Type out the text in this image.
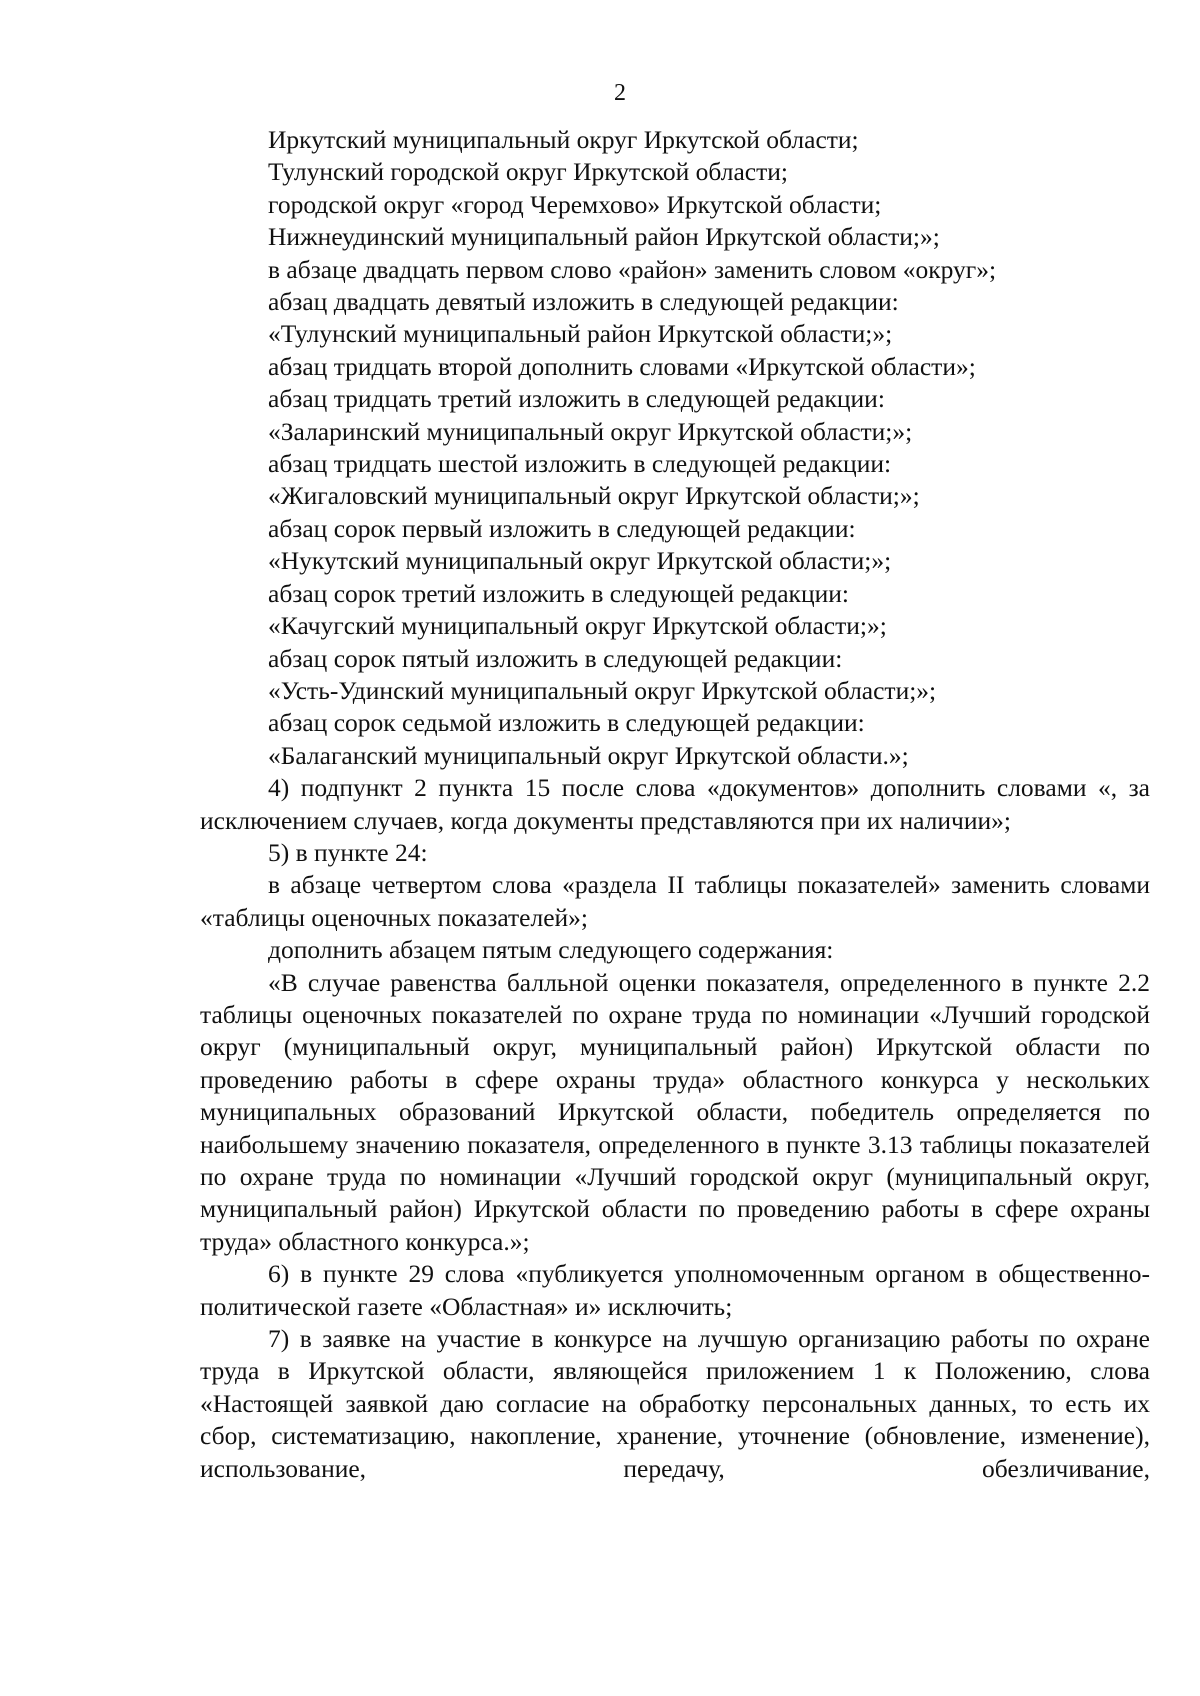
2
Иркутский муниципальный округ Иркутской области;
Тулунский городской округ Иркутской области;
городской округ «город Черемхово» Иркутской области;
Нижнеудинский муниципальный район Иркутской области;»;
в абзаце двадцать первом слово «район» заменить словом «округ»;
абзац двадцать девятый изложить в следующей редакции:
«Тулунский муниципальный район Иркутской области;»;
абзац тридцать второй дополнить словами «Иркутской области»;
абзац тридцать третий изложить в следующей редакции:
«Заларинский муниципальный округ Иркутской области;»;
абзац тридцать шестой изложить в следующей редакции:
«Жигаловский муниципальный округ Иркутской области;»;
абзац сорок первый изложить в следующей редакции:
«Нукутский муниципальный округ Иркутской области;»;
абзац сорок третий изложить в следующей редакции:
«Качугский муниципальный округ Иркутской области;»;
абзац сорок пятый изложить в следующей редакции:
«Усть-Удинский муниципальный округ Иркутской области;»;
абзац сорок седьмой изложить в следующей редакции:
«Балаганский муниципальный округ Иркутской области.»;

4) подпункт 2 пункта 15 после слова «документов» дополнить словами «, за исключением случаев, когда документы представляются при их наличии»;

5) в пункте 24:

в абзаце четвертом слова «раздела II таблицы показателей» заменить словами «таблицы оценочных показателей»;

дополнить абзацем пятым следующего содержания:

«В случае равенства балльной оценки показателя, определенного в пункте 2.2 таблицы оценочных показателей по охране труда по номинации «Лучший городской округ (муниципальный округ, муниципальный район) Иркутской области по проведению работы в сфере охраны труда» областного конкурса у нескольких муниципальных образований Иркутской области, победитель определяется по наибольшему значению показателя, определенного в пункте 3.13 таблицы показателей по охране труда по номинации «Лучший городской округ (муниципальный округ, муниципальный район) Иркутской области по проведению работы в сфере охраны труда» областного конкурса.»;

6) в пункте 29 слова «публикуется уполномоченным органом в общественно-политической газете «Областная» и» исключить;

7) в заявке на участие в конкурсе на лучшую организацию работы по охране труда в Иркутской области, являющейся приложением 1 к Положению, слова «Настоящей заявкой даю согласие на обработку персональных данных, то есть их сбор, систематизацию, накопление, хранение, уточнение (обновление, изменение), использование, передачу, обезличивание,
